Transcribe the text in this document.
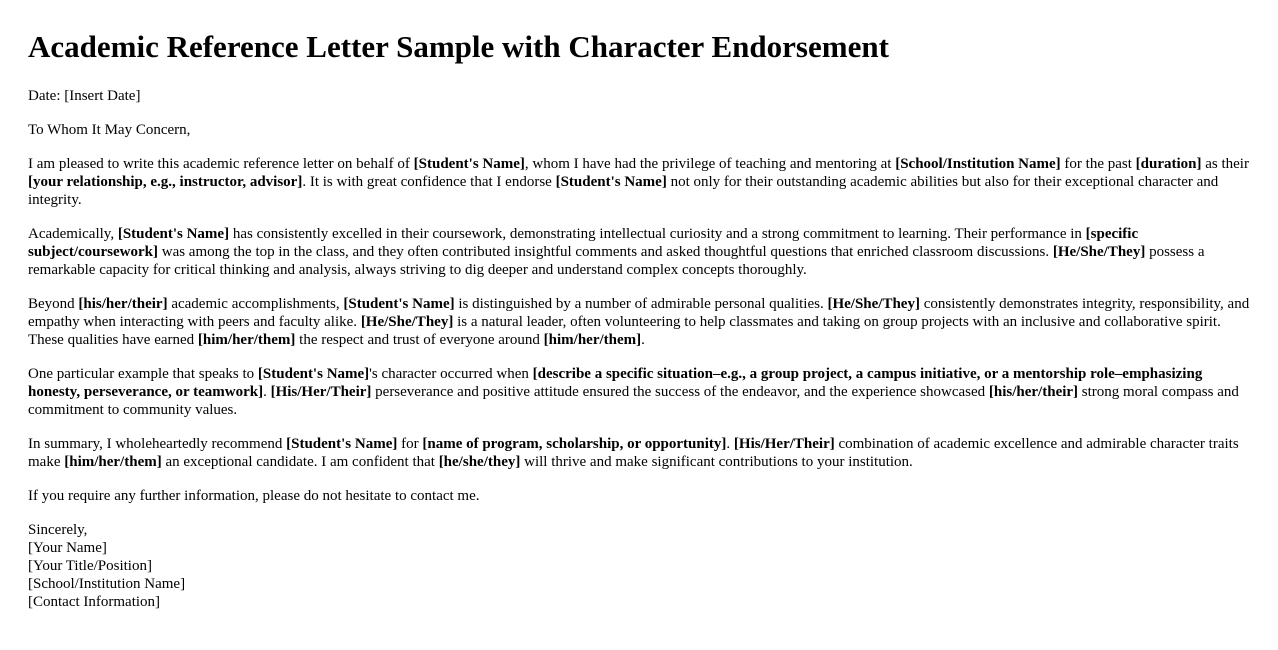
Academic Reference Letter Sample with Character Endorsement

Date: [Insert Date]

To Whom It May Concern,

I am pleased to write this academic reference letter on behalf of [Student's Name], whom I have had the privilege of teaching and mentoring at [School/Institution Name] for the past [duration] as their [your relationship, e.g., instructor, advisor]. It is with great confidence that I endorse [Student's Name] not only for their outstanding academic abilities but also for their exceptional character and integrity.

Academically, [Student's Name] has consistently excelled in their coursework, demonstrating intellectual curiosity and a strong commitment to learning. Their performance in [specific subject/coursework] was among the top in the class, and they often contributed insightful comments and asked thoughtful questions that enriched classroom discussions. [He/She/They] possess a remarkable capacity for critical thinking and analysis, always striving to dig deeper and understand complex concepts thoroughly.

Beyond [his/her/their] academic accomplishments, [Student's Name] is distinguished by a number of admirable personal qualities. [He/She/They] consistently demonstrates integrity, responsibility, and empathy when interacting with peers and faculty alike. [He/She/They] is a natural leader, often volunteering to help classmates and taking on group projects with an inclusive and collaborative spirit. These qualities have earned [him/her/them] the respect and trust of everyone around [him/her/them].

One particular example that speaks to [Student's Name]'s character occurred when [describe a specific situation–e.g., a group project, a campus initiative, or a mentorship role–emphasizing honesty, perseverance, or teamwork]. [His/Her/Their] perseverance and positive attitude ensured the success of the endeavor, and the experience showcased [his/her/their] strong moral compass and commitment to community values.

In summary, I wholeheartedly recommend [Student's Name] for [name of program, scholarship, or opportunity]. [His/Her/Their] combination of academic excellence and admirable character traits make [him/her/them] an exceptional candidate. I am confident that [he/she/they] will thrive and make significant contributions to your institution.

If you require any further information, please do not hesitate to contact me.

Sincerely,
[Your Name]
[Your Title/Position]
[School/Institution Name]
[Contact Information]
